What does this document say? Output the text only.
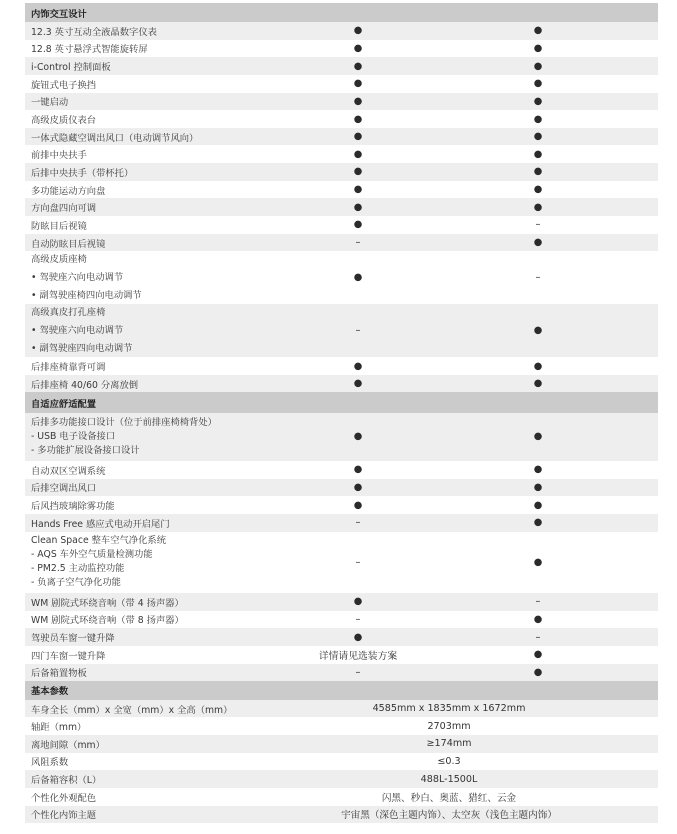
内饰交互设计
12.3 英寸互动全液晶数字仪表	●	●
12.8 英寸悬浮式智能旋转屏	●	●
i-Control 控制面板	●	●
旋钮式电子换挡	●	●
一键启动	●	●
高级皮质仪表台	●	●
一体式隐藏空调出风口（电动调节风向）	●	●
前排中央扶手	●	●
后排中央扶手（带杯托）	●	●
多功能运动方向盘	●	●
方向盘四向可调	●	●
防眩目后视镜	●	–
自动防眩目后视镜	–	●
高级皮质座椅
• 驾驶座六向电动调节
• 副驾驶座椅四向电动调节
●	–
高级真皮打孔座椅
• 驾驶座六向电动调节
• 副驾驶座四向电动调节
–	●
后排座椅靠背可调	●	●
后排座椅 40/60 分离放倒	●	●
自适应舒适配置
后排多功能接口设计（位于前排座椅椅背处）
- USB 电子设备接口
- 多功能扩展设备接口设计
●	●
自动双区空调系统	●	●
后排空调出风口	●	●
后风挡玻璃除雾功能	●	●
Hands Free 感应式电动开启尾门	–	●
Clean Space 整车空气净化系统
- AQS 车外空气质量检测功能
- PM2.5 主动监控功能
- 负离子空气净化功能
–	●
WM 剧院式环绕音响（带 4 扬声器）	●	–
WM 剧院式环绕音响（带 8 扬声器）	–	●
驾驶员车窗一键升降	●	–
四门车窗一键升降	详情请见选装方案	●
后备箱置物板	–	●
基本参数
车身全长（mm）x 全宽（mm）x 全高（mm）	4585mm x 1835mm x 1672mm
轴距（mm）	2703mm
离地间隙（mm）	≥174mm
风阻系数	≤0.3
后备箱容积（L）	488L-1500L
个性化外观配色	闪黑、秒白、奥蓝、猎红、云金
个性化内饰主题	宇宙黑（深色主题内饰）、太空灰（浅色主题内饰）
